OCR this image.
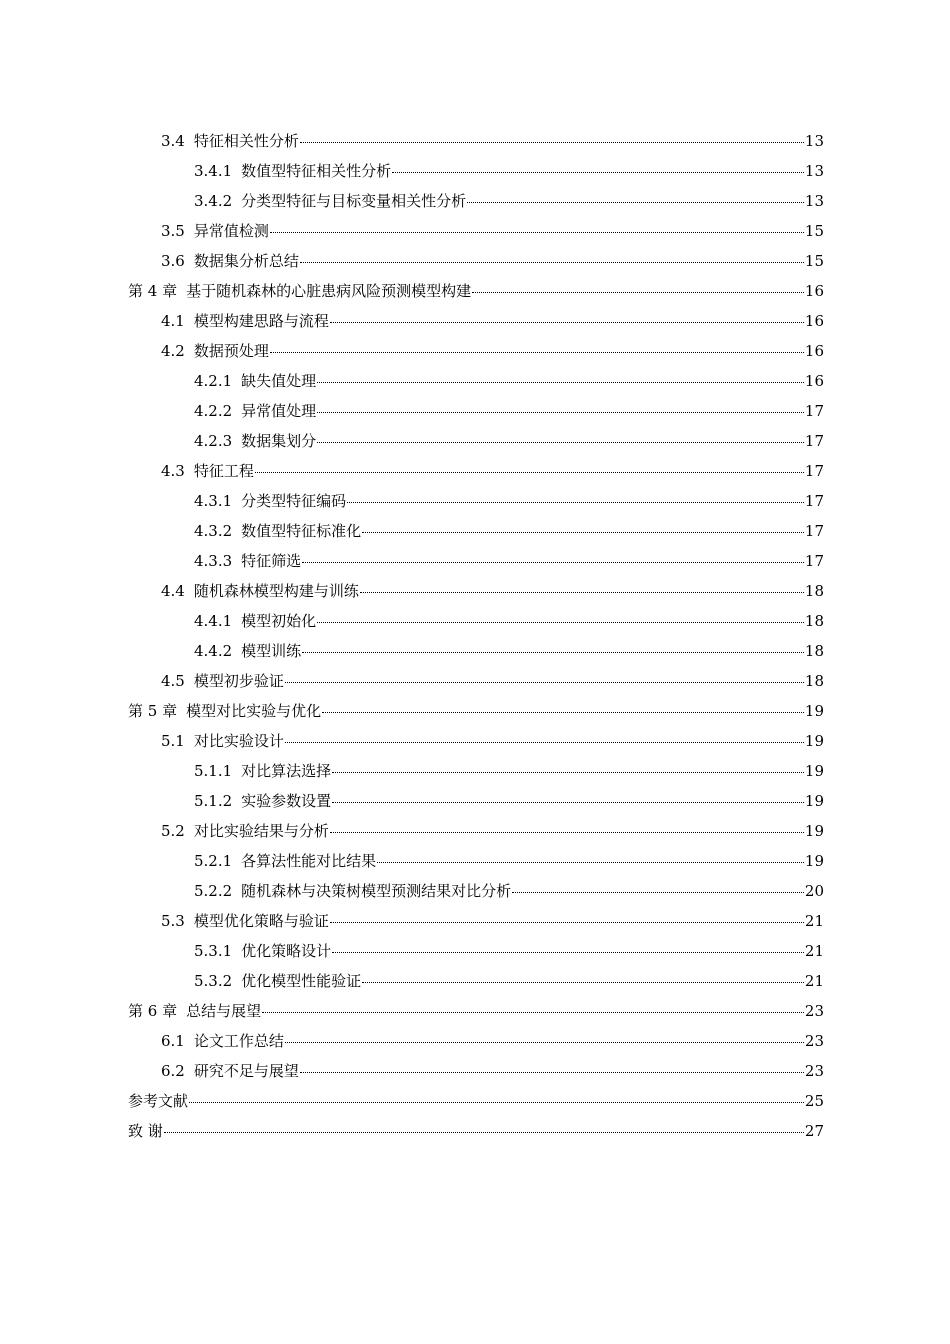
3.4 特征相关性分析	13
3.4.1 数值型特征相关性分析	13
3.4.2 分类型特征与目标变量相关性分析	13
3.5 异常值检测	15
3.6 数据集分析总结	15
第 4 章 基于随机森林的心脏患病风险预测模型构建	16
4.1 模型构建思路与流程	16
4.2 数据预处理	16
4.2.1 缺失值处理	16
4.2.2 异常值处理	17
4.2.3 数据集划分	17
4.3 特征工程	17
4.3.1 分类型特征编码	17
4.3.2 数值型特征标准化	17
4.3.3 特征筛选	17
4.4 随机森林模型构建与训练	18
4.4.1 模型初始化	18
4.4.2 模型训练	18
4.5 模型初步验证	18
第 5 章 模型对比实验与优化	19
5.1 对比实验设计	19
5.1.1 对比算法选择	19
5.1.2 实验参数设置	19
5.2 对比实验结果与分析	19
5.2.1 各算法性能对比结果	19
5.2.2 随机森林与决策树模型预测结果对比分析	20
5.3 模型优化策略与验证	21
5.3.1 优化策略设计	21
5.3.2 优化模型性能验证	21
第 6 章 总结与展望	23
6.1 论文工作总结	23
6.2 研究不足与展望	23
参考文献	25
致 谢	27
